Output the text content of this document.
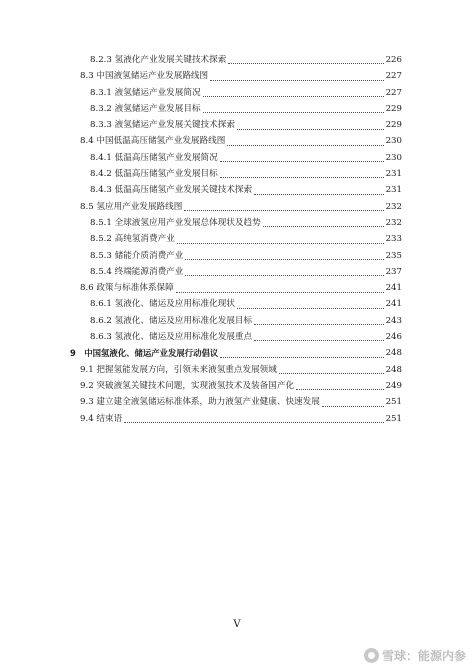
8.2.3 氢液化产业发展关键技术探索	226
8.3 中国液氢储运产业发展路线图	227
8.3.1 液氢储运产业发展简况	227
8.3.2 液氢储运产业发展目标	229
8.3.3 液氢储运产业发展关键技术探索	229
8.4 中国低温高压储氢产业发展路线图	230
8.4.1 低温高压储氢产业发展简况	230
8.4.2 低温高压储氢产业发展目标	231
8.4.3 低温高压储氢产业发展关键技术探索	231
8.5 氢应用产业发展路线图	232
8.5.1 全球液氢应用产业发展总体现状及趋势	232
8.5.2 高纯氢消费产业	233
8.5.3 储能介质消费产业	235
8.5.4 终端能源消费产业	237
8.6 政策与标准体系保障	241
8.6.1 氢液化、储运及应用标准化现状	241
8.6.2 氢液化、储运及应用标准化发展目标	243
8.6.3 氢液化、储运及应用标准化发展重点	246
9　中国氢液化、储运产业发展行动倡议	248
9.1 把握氢能发展方向，引领未来液氢重点发展领域	248
9.2 突破液氢关键技术问题，实现液氢技术及装备国产化	249
9.3 建立建全液氢储运标准体系，助力液氢产业健康、快速发展	251
9.4 结束语	251
V
雪球：能源内参
